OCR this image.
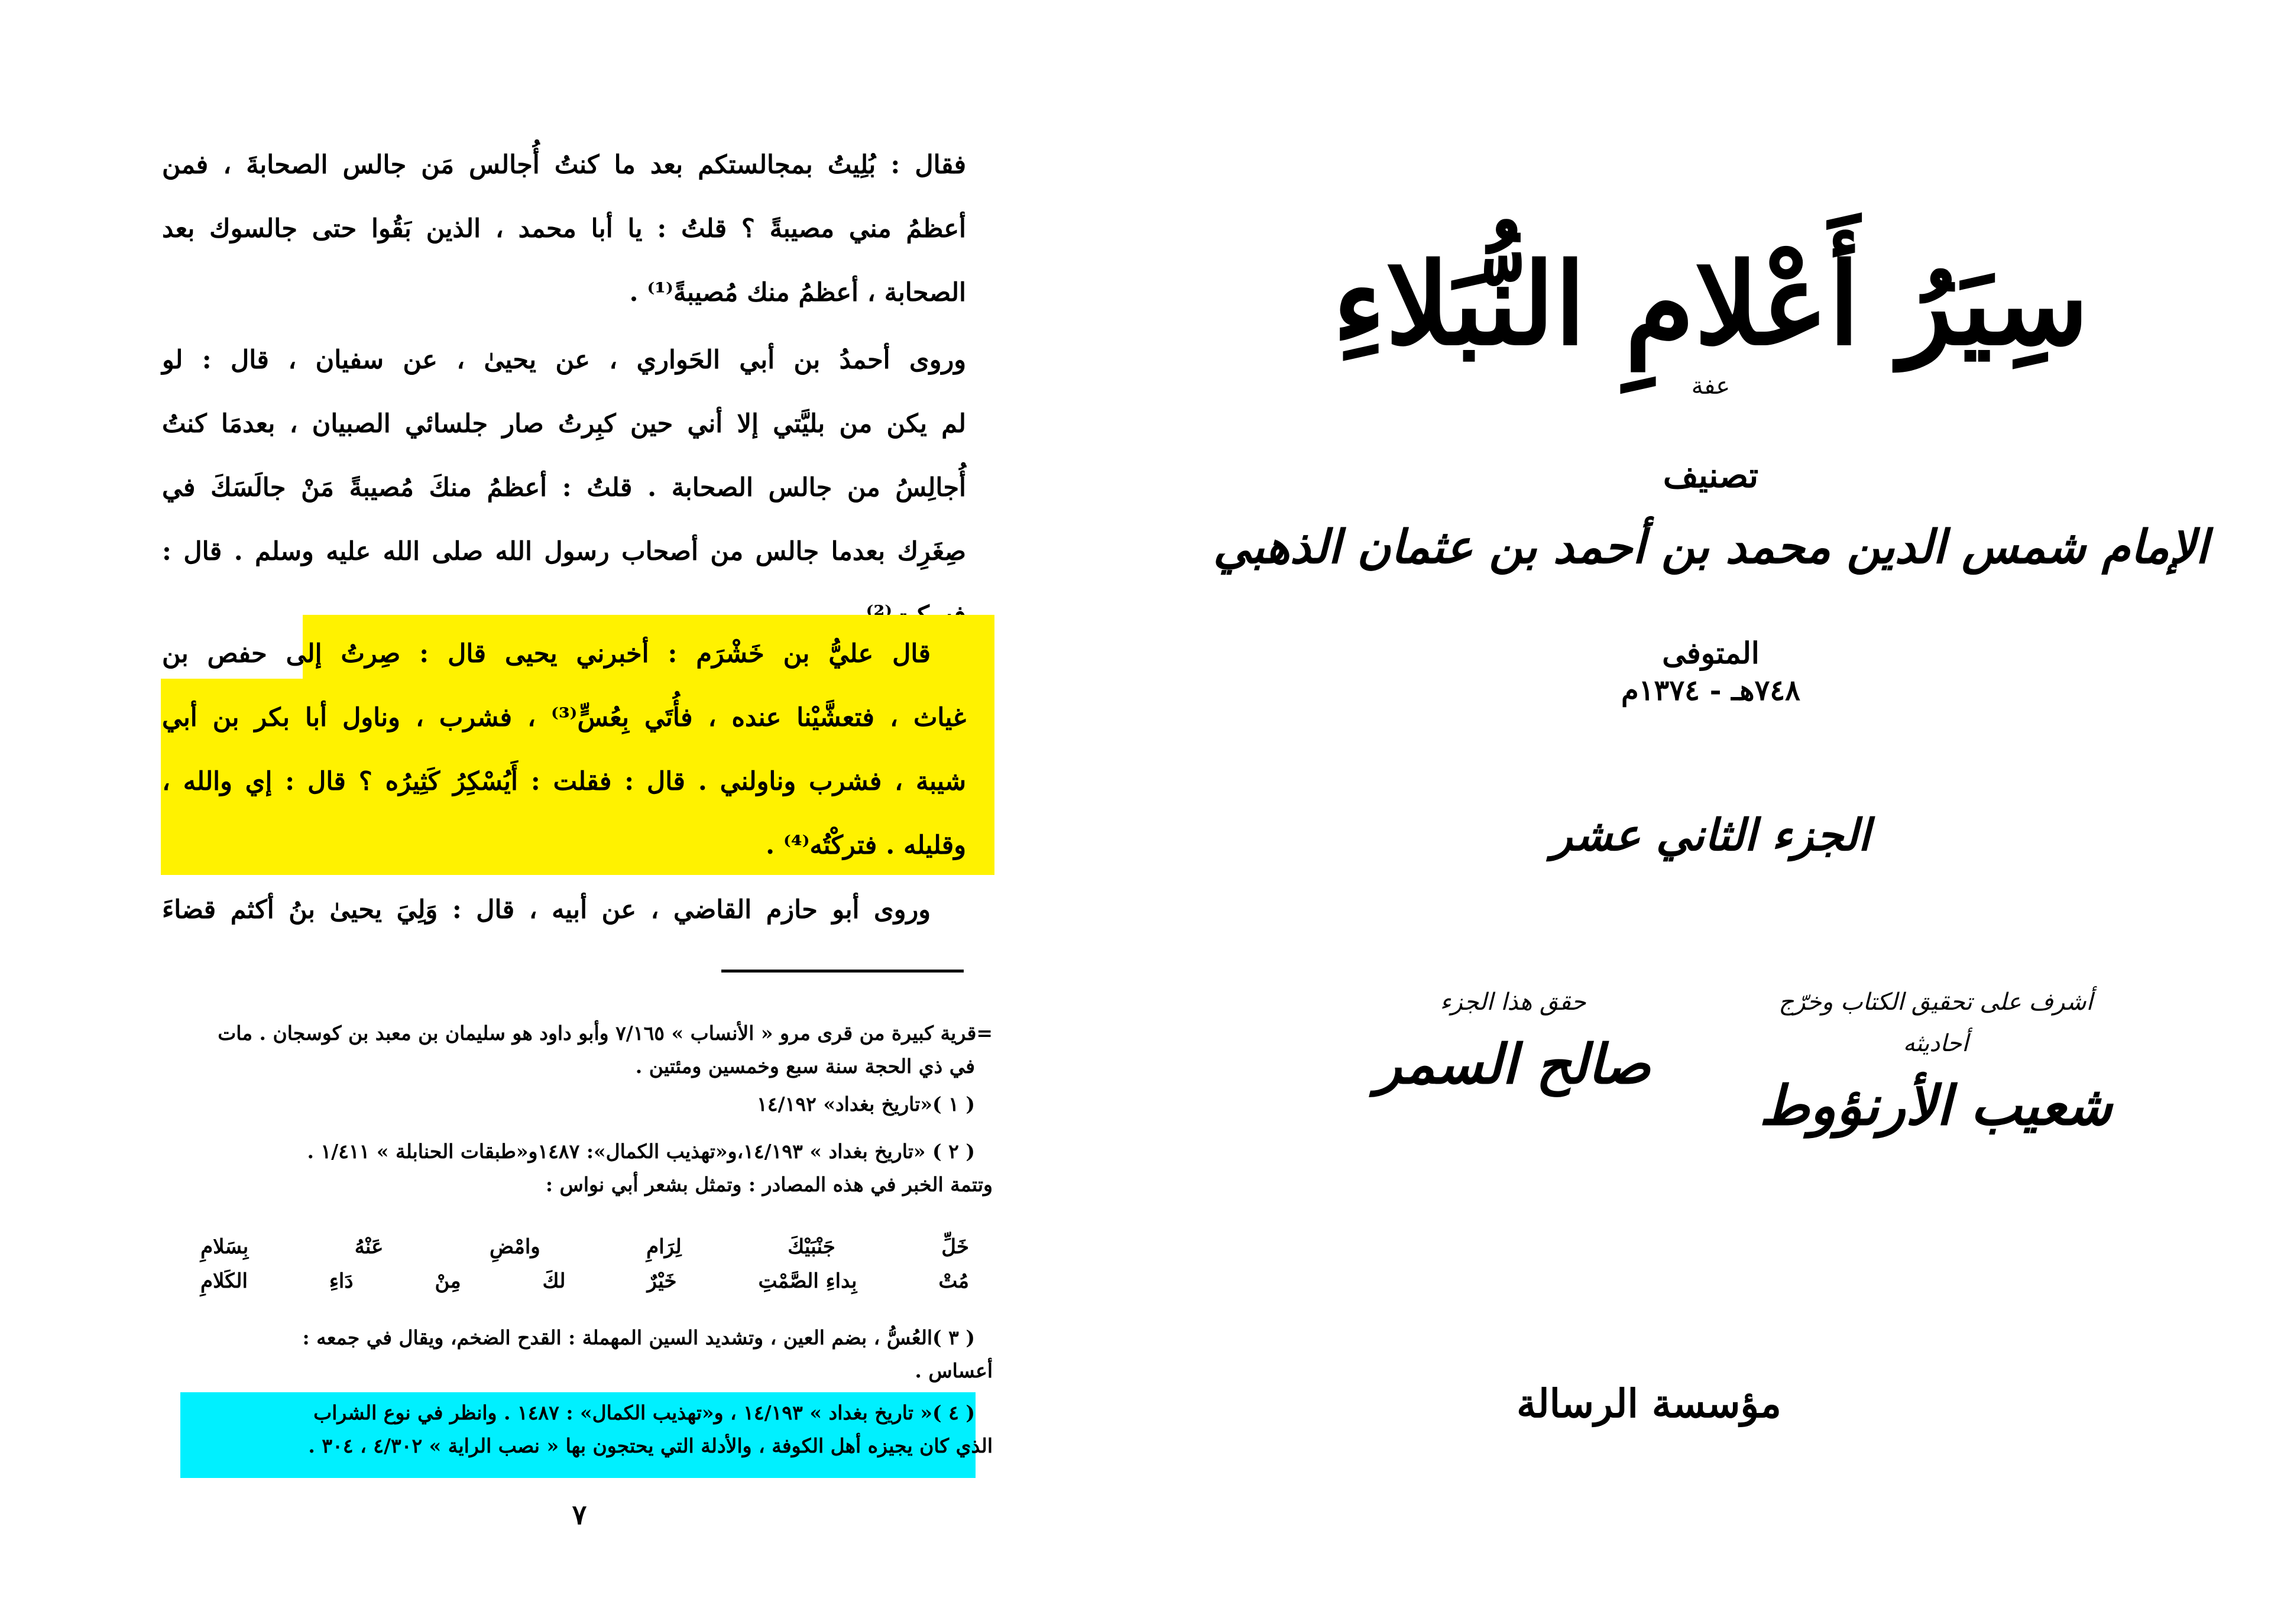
فقال : بُلِيتُ بمجالستكم بعد ما كنتُ أُجالس مَن جالس الصحابةَ ، فمن
أعظمُ مني مصيبةً ؟ قلتُ : يا أبا محمد ، الذين بَقُوا حتى جالسوك بعد
الصحابة ، أعظمُ منك مُصيبةً⁽¹⁾ .
وروى أحمدُ بن أبي الحَواري ، عن يحيىٰ ، عن سفيان ، قال : لو
لم يكن من بليَّتي إلا أني حين كبِرتُ صار جلسائي الصبيان ، بعدمَا كنتُ
أُجالِسُ من جالس الصحابة . قلتُ : أعظمُ منكَ مُصيبةً مَنْ جالَسَكَ في
صِغَرِك بعدما جالس من أصحاب رسول الله صلى الله عليه وسلم . قال :
قال عليُّ بن خَشْرَم : أخبرني يحيى قال : صِرتُ إلى حفص بن
غياث ، فتعشَّيْنا عنده ، فأُتَي بِعُسٍّ⁽³⁾ ، فشرب ، وناول أبا بكر بن أبي
شيبة ، فشرب وناولني . قال : فقلت : أَيُسْكِرُ كَثِيرُه ؟ قال : إي والله ،
وقليله . فتركْتُه⁽⁴⁾ .
وروى أبو حازم القاضي ، عن أبيه ، قال : وَلِيَ يحيىٰ بنُ أكثم قضاءَ
=قرية كبيرة من قرى مرو « الأنساب » ٧/١٦٥ وأبو داود هو سليمان بن معبد بن كوسجان . مات
في ذي الحجة سنة سبع وخمسين ومئتين .
( ١ )«تاريخ بغداد» ١٤/١٩٢
( ٢ ) «تاريخ بغداد » ١٤/١٩٣،و«تهذيب الكمال»: ١٤٨٧و«طبقات الحنابلة » ١/٤١١ .
وتتمة الخبر في هذه المصادر : وتمثل بشعر أبي نواس :
خَلِّ
جَنْبَيْكَ
لِرَامِ
وامْضِ
عَنْهُ
بِسَلامِ
مُتْ
بِداءِ الصَّمْتِ
خَيْرٌ
لكَ
مِنْ
دَاءِ
الكَلامِ
( ٣ )العُسُّ ، بضم العين ، وتشديد السين المهملة : القدح الضخم، ويقال في جمعه :
أعساس .
( ٤ )« تاريخ بغداد » ١٤/١٩٣ ، و«تهذيب الكمال» : ١٤٨٧ . وانظر في نوع الشراب
الذي كان يجيزه أهل الكوفة ، والأدلة التي يحتجون بها « نصب الراية » ٤/٣٠٢ ، ٣٠٤ .
٧
سِيَرُ أَعْلامِ النُّبَلاءِ
عفة
تصنيف
الإمام شمس الدين محمد بن أحمد بن عثمان الذهبي
المتوفى
٧٤٨هـ - ١٣٧٤م
الجزء الثاني عشر
أشرف على تحقيق الكتاب وخرّج أحاديثه
شعيب الأرنؤوط
حقق هذا الجزء
صالح السمر
مؤسسة الرسالة
